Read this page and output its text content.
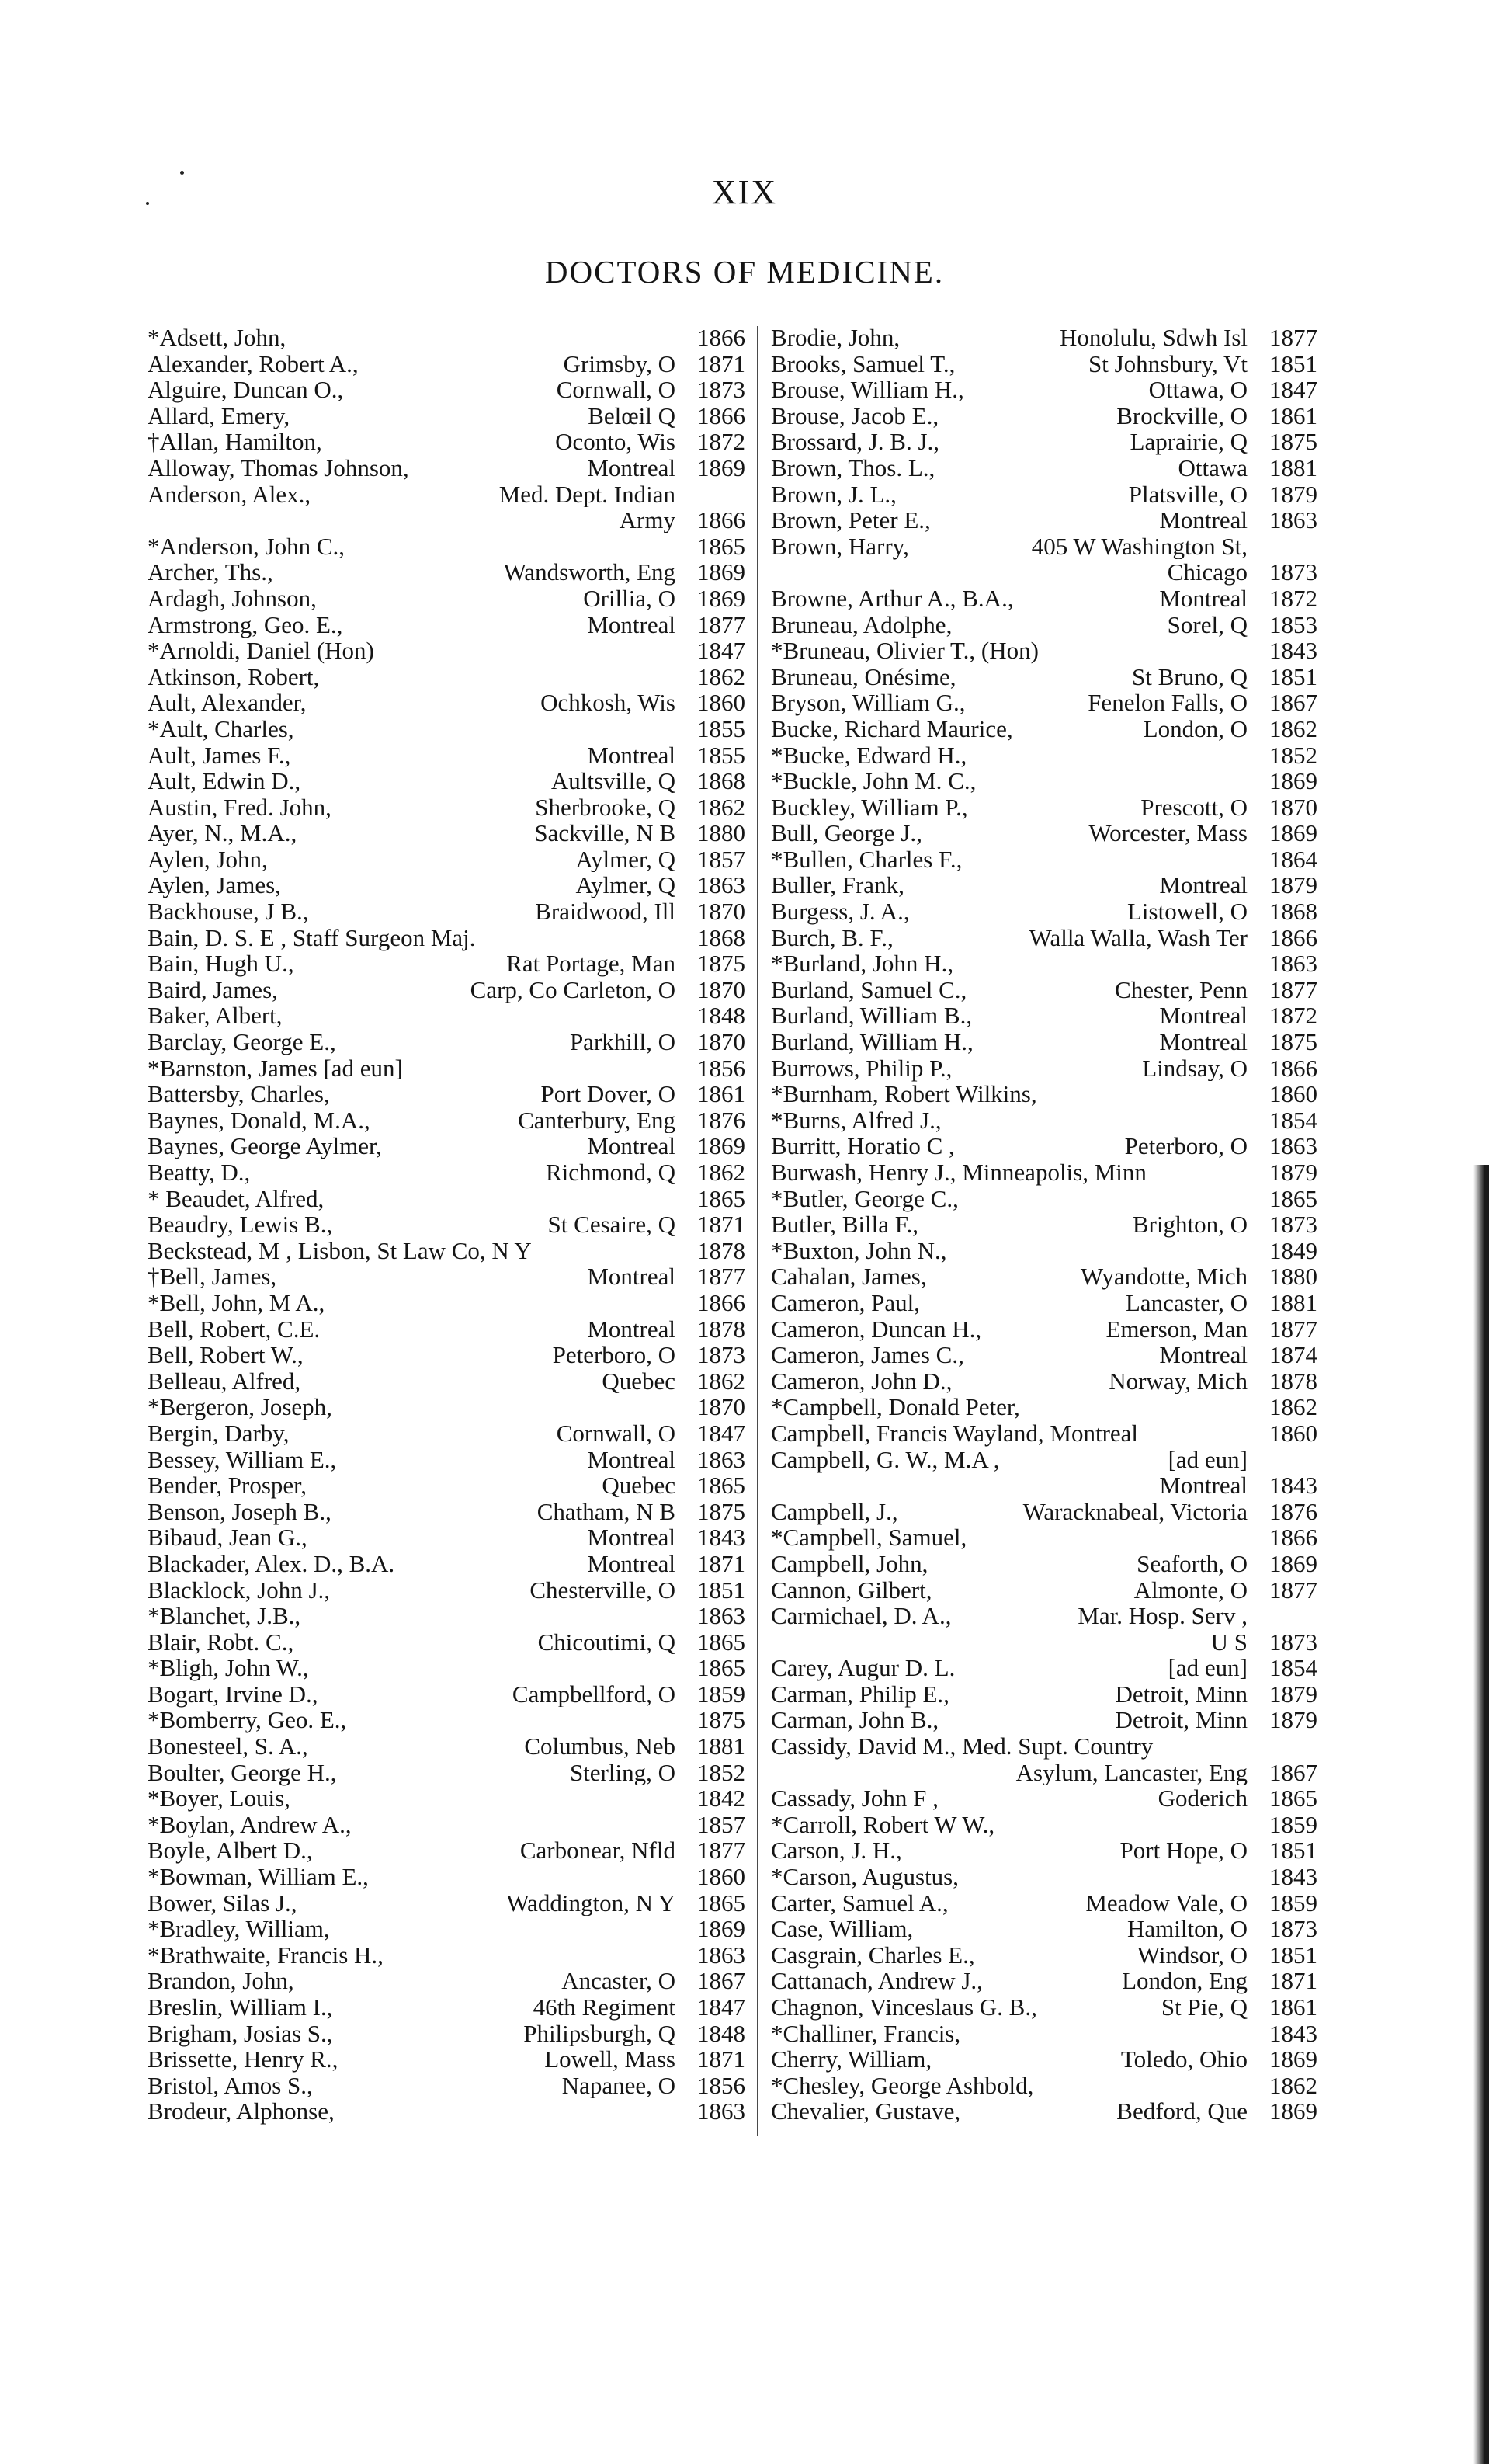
XIX
DOCTORS OF MEDICINE.
*Adsett, John,	1866
Alexander, Robert A.,	Grimsby, O 1871
Alguire, Duncan O.,	Cornwall, O 1873
Allard, Emery,	Belœil Q 1866
†Allan, Hamilton,	Oconto, Wis 1872
Alloway, Thomas Johnson,	Montreal 1869
Anderson, Alex.,	Med. Dept. Indian
Army 1866
*Anderson, John C.,	1865
Archer, Ths.,	Wandsworth, Eng 1869
Ardagh, Johnson,	Orillia, O 1869
Armstrong, Geo. E.,	Montreal 1877
*Arnoldi, Daniel (Hon)	1847
Atkinson, Robert,	1862
Ault, Alexander,	Ochkosh, Wis 1860
*Ault, Charles,	1855
Ault, James F.,	Montreal 1855
Ault, Edwin D.,	Aultsville, Q 1868
Austin, Fred. John,	Sherbrooke, Q 1862
Ayer, N., M.A.,	Sackville, N B 1880
Aylen, John,	Aylmer, Q 1857
Aylen, James,	Aylmer, Q 1863
Backhouse, J B.,	Braidwood, Ill 1870
Bain, D. S. E , Staff Surgeon Maj.	1868
Bain, Hugh U.,	Rat Portage, Man 1875
Baird, James,	Carp, Co Carleton, O 1870
Baker, Albert,	1848
Barclay, George E.,	Parkhill, O 1870
*Barnston, James [ad eun]	1856
Battersby, Charles,	Port Dover, O 1861
Baynes, Donald, M.A.,	Canterbury, Eng 1876
Baynes, George Aylmer,	Montreal 1869
Beatty, D.,	Richmond, Q 1862
* Beaudet, Alfred,	1865
Beaudry, Lewis B.,	St Cesaire, Q 1871
Beckstead, M , Lisbon, St Law Co, N Y	1878
†Bell, James,	Montreal 1877
*Bell, John, M A.,	1866
Bell, Robert, C.E.	Montreal 1878
Bell, Robert W.,	Peterboro, O 1873
Belleau, Alfred,	Quebec 1862
*Bergeron, Joseph,	1870
Bergin, Darby,	Cornwall, O 1847
Bessey, William E.,	Montreal 1863
Bender, Prosper,	Quebec 1865
Benson, Joseph B.,	Chatham, N B 1875
Bibaud, Jean G.,	Montreal 1843
Blackader, Alex. D., B.A.	Montreal 1871
Blacklock, John J.,	Chesterville, O 1851
*Blanchet, J.B.,	1863
Blair, Robt. C.,	Chicoutimi, Q 1865
*Bligh, John W.,	1865
Bogart, Irvine D.,	Campbellford, O 1859
*Bomberry, Geo. E.,	1875
Bonesteel, S. A.,	Columbus, Neb 1881
Boulter, George H.,	Sterling, O 1852
*Boyer, Louis,	1842
*Boylan, Andrew A.,	1857
Boyle, Albert D.,	Carbonear, Nfld 1877
*Bowman, William E.,	1860
Bower, Silas J.,	Waddington, N Y 1865
*Bradley, William,	1869
*Brathwaite, Francis H.,	1863
Brandon, John,	Ancaster, O 1867
Breslin, William I.,	46th Regiment 1847
Brigham, Josias S.,	Philipsburgh, Q 1848
Brissette, Henry R.,	Lowell, Mass 1871
Bristol, Amos S.,	Napanee, O 1856
Brodeur, Alphonse,	1863
Brodie, John,	Honolulu, Sdwh Isl 1877
Brooks, Samuel T.,	St Johnsbury, Vt 1851
Brouse, William H.,	Ottawa, O 1847
Brouse, Jacob E.,	Brockville, O 1861
Brossard, J. B. J.,	Laprairie, Q 1875
Brown, Thos. L.,	Ottawa 1881
Brown, J. L.,	Platsville, O 1879
Brown, Peter E.,	Montreal 1863
Brown, Harry,	405 W Washington St,
Chicago 1873
Browne, Arthur A., B.A.,	Montreal 1872
Bruneau, Adolphe,	Sorel, Q 1853
*Bruneau, Olivier T., (Hon)	1843
Bruneau, Onésime,	St Bruno, Q 1851
Bryson, William G.,	Fenelon Falls, O 1867
Bucke, Richard Maurice,	London, O 1862
*Bucke, Edward H.,	1852
*Buckle, John M. C.,	1869
Buckley, William P.,	Prescott, O 1870
Bull, George J.,	Worcester, Mass 1869
*Bullen, Charles F.,	1864
Buller, Frank,	Montreal 1879
Burgess, J. A.,	Listowell, O 1868
Burch, B. F.,	Walla Walla, Wash Ter 1866
*Burland, John H.,	1863
Burland, Samuel C.,	Chester, Penn 1877
Burland, William B.,	Montreal 1872
Burland, William H.,	Montreal 1875
Burrows, Philip P.,	Lindsay, O 1866
*Burnham, Robert Wilkins,	1860
*Burns, Alfred J.,	1854
Burritt, Horatio C ,	Peterboro, O 1863
Burwash, Henry J., Minneapolis, Minn	1879
*Butler, George C.,	1865
Butler, Billa F.,	Brighton, O 1873
*Buxton, John N.,	1849
Cahalan, James,	Wyandotte, Mich 1880
Cameron, Paul,	Lancaster, O 1881
Cameron, Duncan H.,	Emerson, Man 1877
Cameron, James C.,	Montreal 1874
Cameron, John D.,	Norway, Mich 1878
*Campbell, Donald Peter,	1862
Campbell, Francis Wayland, Montreal	1860
Campbell, G. W., M.A ,	[ad eun]
Montreal 1843
Campbell, J.,	Waracknabeal, Victoria 1876
*Campbell, Samuel,	1866
Campbell, John,	Seaforth, O 1869
Cannon, Gilbert,	Almonte, O 1877
Carmichael, D. A.,	Mar. Hosp. Serv ,
U S 1873
Carey, Augur D. L.	[ad eun] 1854
Carman, Philip E.,	Detroit, Minn 1879
Carman, John B.,	Detroit, Minn 1879
Cassidy, David M., Med. Supt. Country
Asylum, Lancaster, Eng 1867
Cassady, John F ,	Goderich 1865
*Carroll, Robert W W.,	1859
Carson, J. H.,	Port Hope, O 1851
*Carson, Augustus,	1843
Carter, Samuel A.,	Meadow Vale, O 1859
Case, William,	Hamilton, O 1873
Casgrain, Charles E.,	Windsor, O 1851
Cattanach, Andrew J.,	London, Eng 1871
Chagnon, Vinceslaus G. B.,	St Pie, Q 1861
*Challiner, Francis,	1843
Cherry, William,	Toledo, Ohio 1869
*Chesley, George Ashbold,	1862
Chevalier, Gustave,	Bedford, Que 1869
